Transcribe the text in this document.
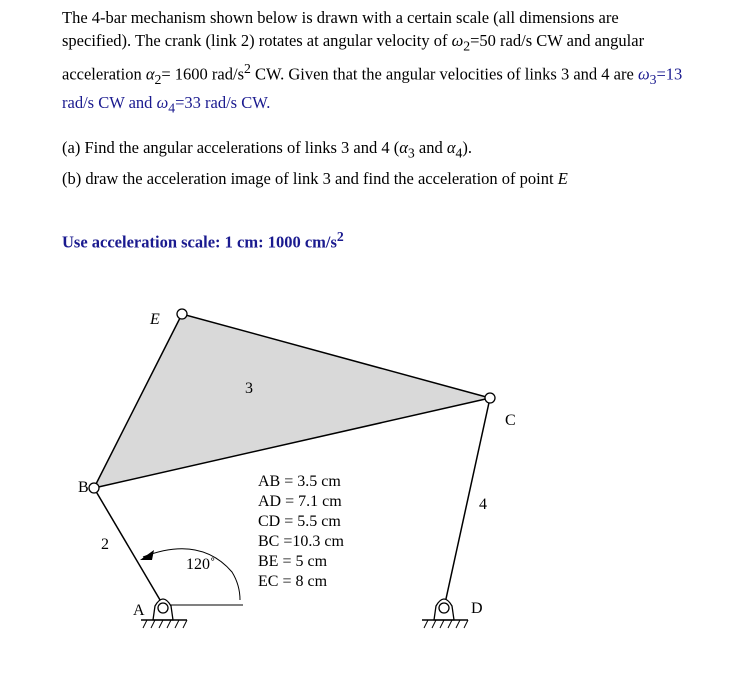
The 4-bar mechanism shown below is drawn with a certain scale (all dimensions are

specified). The crank (link 2) rotates at angular velocity of $\omega_2=50$ rad/s CW and angular

acceleration $\alpha_2= 1600$ rad/$s^2$ CW. Given that the angular velocities of links 3 and 4 are $\omega_3=13$

rad/s CW and $\omega_4=33$ rad/s CW.

(a) Find the angular accelerations of links 3 and 4 ($\alpha_3$ and $\alpha_4$).
(b) draw the acceleration image of link 3 and find the acceleration of point E
Use acceleration scale: 1 cm: 1000 $cm/s^2$
E
B
A
C
D
3
2
4
120˚
AB = 3.5 cm
AD = 7.1 cm
CD = 5.5 cm
BC =10.3 cm
BE = 5 cm
EC = 8 cm
